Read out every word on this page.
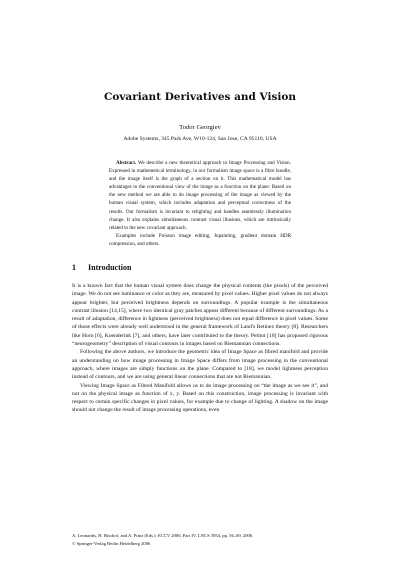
Covariant Derivatives and Vision
Todor Georgiev
Adobe Systems, 345 Park Ave, W10-124, San Jose, CA 95110, USA

Abstract. We describe a new theoretical approach to Image Processing and Vision. Expressed in mathemetical terminology, in our formalism image space is a fibre bundle, and the image itself is the graph of a section on it. This mathematical model has advantages to the conventional view of the image as a function on the plane: Based on the new method we are able to do image processing of the image as viewed by the human visual system, which includes adaptation and perceptual correctness of the results. Our formalism is invariant to relighting and handles seamlessly illumination change. It also explains simultaneous contrast visual illusions, which are intrinsically related to the new covariant approach.

Examples include Poisson image editing, Inpainting, gradient domain HDR compression, and others.

1 Introduction

It is a known fact that the human visual system does change the physical contents (the pixels) of the perceived image. We do not see luminance or color as they are, measured by pixel values. Higher pixel values do not always appear brighter, but perceived brightness depends on surroundings. A popular example is the simultaneous contrast illusion [14,15], where two identical gray patches appear different because of different surroundings. As a result of adaptation, difference in lightness (perceived brightness) does not equal difference in pixel values. Some of those effects were already well understood in the general framework of Land's Retinex theory [8]. Researchers like Horn [6], Koenderink [7], and others, have later contributed to the theory. Petitot [18] has proposed rigorous “neurogeometry” description of visual contours in images based on Riemannian connections.

Following the above authors, we introduce the geometric idea of Image Space as fibred manifold and provide an understanding on how image processing in Image Space differs from image processing in the conventional approach, where images are simply functions on the plane. Compared to [18], we model lightness perception instead of contours, and we are using general linear connections that are not Riemannian.

Viewing Image Space as Fibred Manifold allows us to do image processing on “the image as we see it”, and not on the physical image as function of x, y. Based on this construction, image processing is invariant with respect to certain specific changes in pixel values, for example due to change of lighting. A shadow on the image should not change the result of image processing operations, even

A. Leonardis, H. Bischof, and A. Prinz (Eds.): ECCV 2006, Part IV, LNCS 3954, pp. 56–69, 2006.
© Springer-Verlag Berlin Heidelberg 2006
